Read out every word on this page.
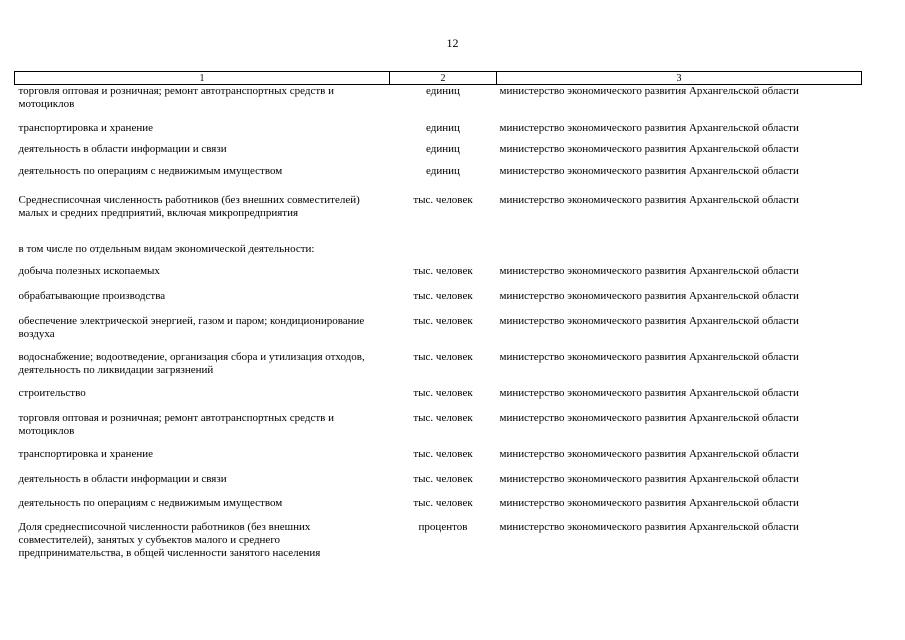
12
1	2	3
торговля оптовая и розничная; ремонт автотранспортных средств и мотоциклов	единиц	министерство экономического развития Архангельской области
транспортировка и хранение	единиц	министерство экономического развития Архангельской области
деятельность в области информации и связи	единиц	министерство экономического развития Архангельской области
деятельность по операциям с недвижимым имуществом	единиц	министерство экономического развития Архангельской области
Среднесписочная численность работников (без внешних совместителей) малых и средних предприятий, включая микропредприятия	тыс. человек	министерство экономического развития Архангельской области
в том числе по отдельным видам экономической деятельности:		
добыча полезных ископаемых	тыс. человек	министерство экономического развития Архангельской области
обрабатывающие производства	тыс. человек	министерство экономического развития Архангельской области
обеспечение электрической энергией, газом и паром; кондиционирование воздуха	тыс. человек	министерство экономического развития Архангельской области
водоснабжение; водоотведение, организация сбора и утилизация отходов, деятельность по ликвидации загрязнений	тыс. человек	министерство экономического развития Архангельской области
строительство	тыс. человек	министерство экономического развития Архангельской области
торговля оптовая и розничная; ремонт автотранспортных средств и мотоциклов	тыс. человек	министерство экономического развития Архангельской области
транспортировка и хранение	тыс. человек	министерство экономического развития Архангельской области
деятельность в области информации и связи	тыс. человек	министерство экономического развития Архангельской области
деятельность по операциям с недвижимым имуществом	тыс. человек	министерство экономического развития Архангельской области
Доля среднесписочной численности работников (без внешних совместителей), занятых у субъектов малого и среднего предпринимательства, в общей численности занятого населения	процентов	министерство экономического развития Архангельской области
